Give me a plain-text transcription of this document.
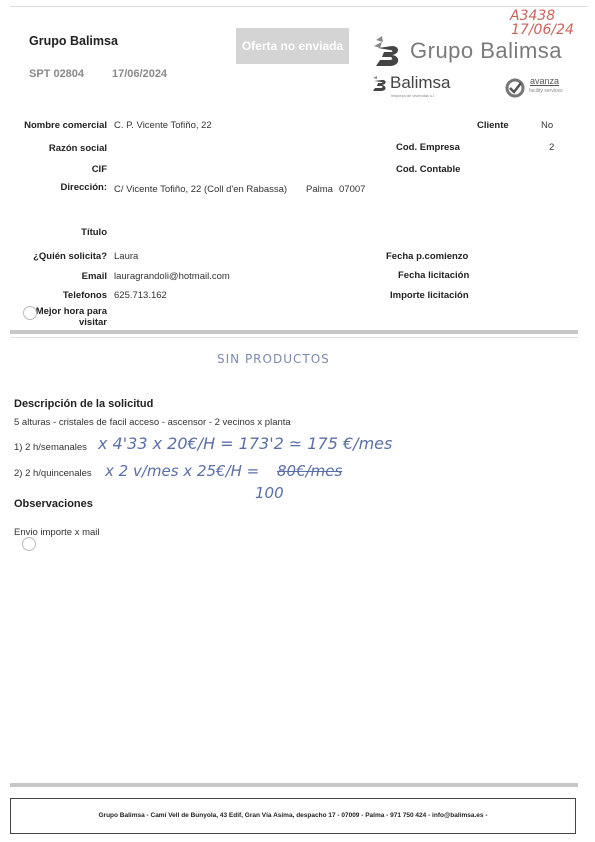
Grupo Balimsa
SPT 02804	17/06/2024
Oferta no enviada	Grupo Balimsa
Balimsa
limpieza de viviendas s.l.
avanza
facility services
A3438
17/06/24
Nombre comercial C. P. Vicente Tofiño, 22
Razón social
CIF
Dirección: C/ Vicente Tofiño, 22 (Coll d'en Rabassa) Palma 07007
Título
¿Quién solicita? Laura
Email lauragrandoli@hotmail.com
Telefonos 625.713.162
Mejor hora para
visitar
Cliente	No
Cod. Empresa	2
Cod. Contable
Fecha p.comienzo
Fecha licitación
Importe licitación
SIN PRODUCTOS
Descripción de la solicitud
5 alturas - cristales de facil acceso - ascensor - 2 vecinos x planta
1) 2 h/semanales x 4'33 x 20€/H = 173'2 ≃ 175 €/mes
2) 2 h/quincenales x 2 v/mes x 25€/H = 80€/mes
100
Observaciones
Envio importe x mail
Grupo Balimsa - Camí Vell de Bunyola, 43 Edif, Gran Vía Asima, despacho 17 - 07009 - Palma - 971 750 424 - info@balimsa.es -
